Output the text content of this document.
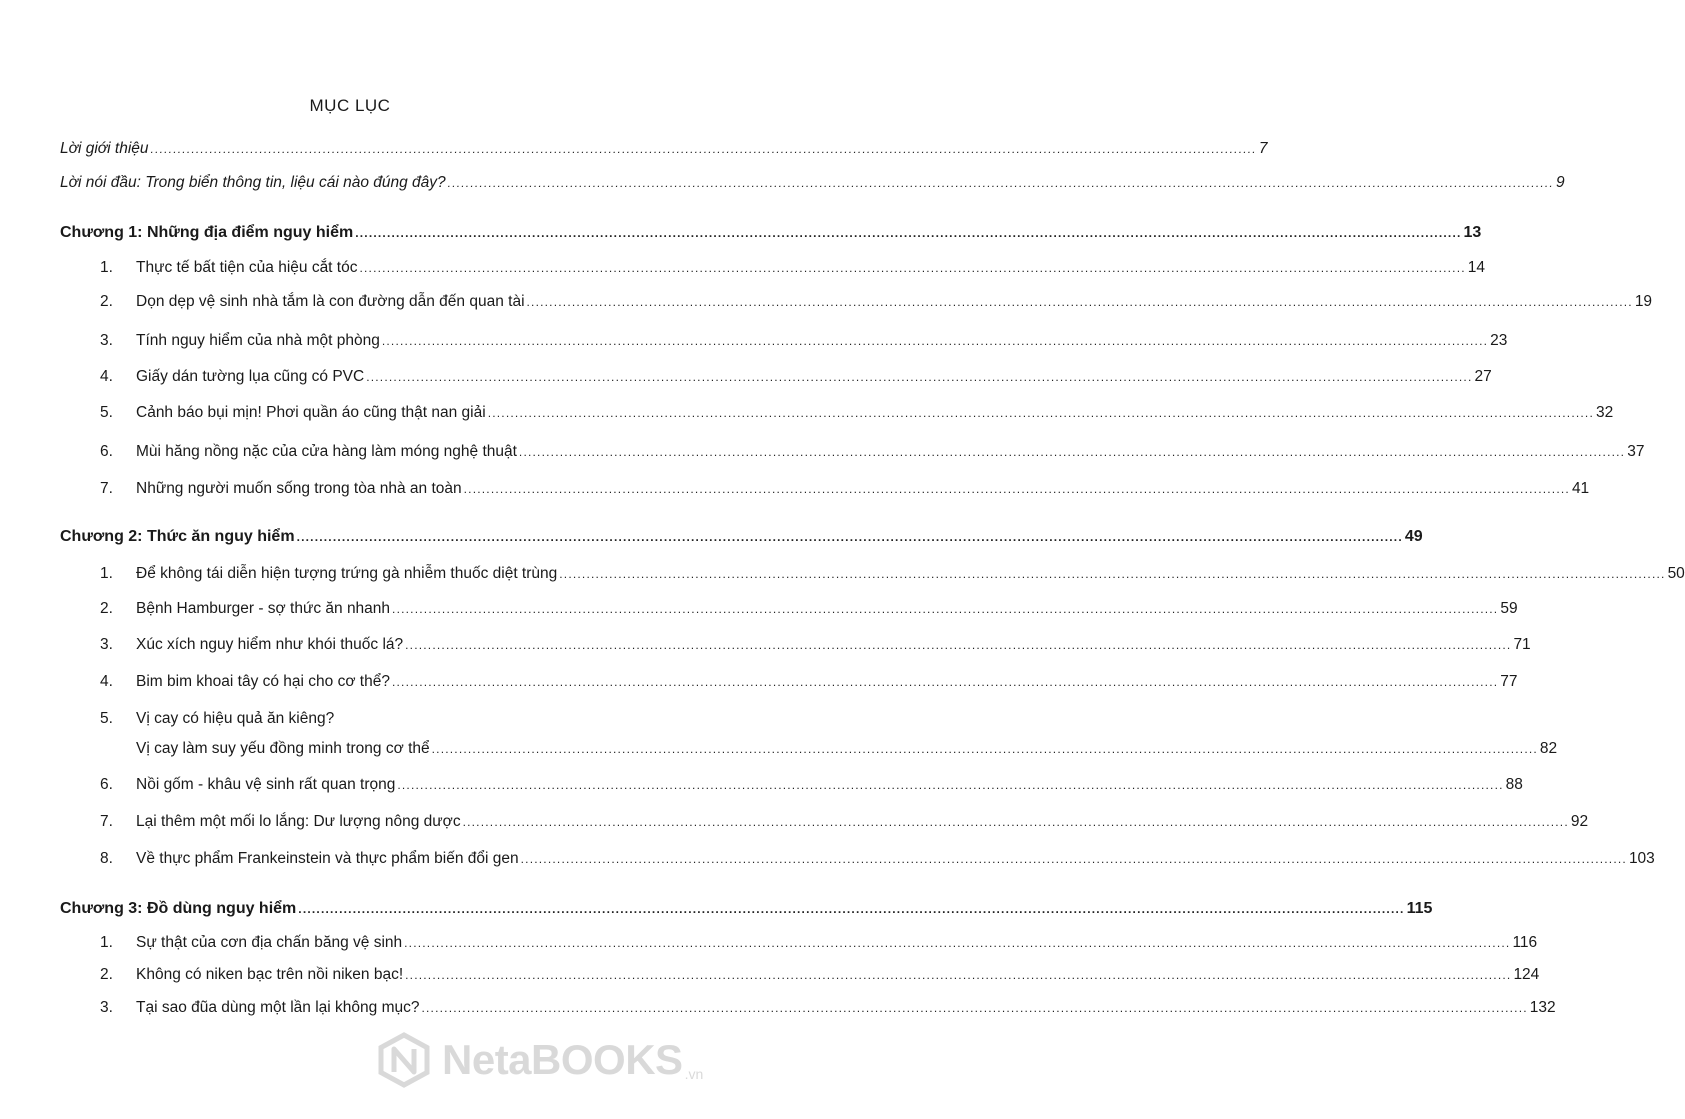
MỤC LỤC
Lời giới thiệu .................................................................................................................................................................................................................................................... 7
Lời nói đầu: Trong biển thông tin, liệu cái nào đúng đây? .................................................................................................................................................................................................................................................... 9
Chương 1: Những địa điểm nguy hiểm .................................................................................................................................................................................................................................................... 13
1.	Thực tế bất tiện của hiệu cắt tóc .................................................................................................................................................................................................................................................... 14
2.	Dọn dẹp vệ sinh nhà tắm là con đường dẫn đến quan tài .................................................................................................................................................................................................................................................... 19
3.	Tính nguy hiểm của nhà một phòng .................................................................................................................................................................................................................................................... 23
4.	Giấy dán tường lụa cũng có PVC .................................................................................................................................................................................................................................................... 27
5.	Cảnh báo bụi mịn! Phơi quần áo cũng thật nan giải .................................................................................................................................................................................................................................................... 32
6.	Mùi hăng nồng nặc của cửa hàng làm móng nghệ thuật .................................................................................................................................................................................................................................................... 37
7.	Những người muốn sống trong tòa nhà an toàn .................................................................................................................................................................................................................................................... 41
Chương 2: Thức ăn nguy hiểm .................................................................................................................................................................................................................................................... 49
1.	Để không tái diễn hiện tượng trứng gà nhiễm thuốc diệt trùng .................................................................................................................................................................................................................................................... 50
2.	Bệnh Hamburger - sợ thức ăn nhanh .................................................................................................................................................................................................................................................... 59
3.	Xúc xích nguy hiểm như khói thuốc lá? .................................................................................................................................................................................................................................................... 71
4.	Bim bim khoai tây có hại cho cơ thể? .................................................................................................................................................................................................................................................... 77
5.	Vị cay có hiệu quả ăn kiêng?
Vị cay làm suy yếu đồng minh trong cơ thể .................................................................................................................................................................................................................................................... 82
6.	Nồi gốm - khâu vệ sinh rất quan trọng .................................................................................................................................................................................................................................................... 88
7.	Lại thêm một mối lo lắng: Dư lượng nông dược .................................................................................................................................................................................................................................................... 92
8.	Về thực phẩm Frankeinstein và thực phẩm biến đổi gen .................................................................................................................................................................................................................................................... 103
Chương 3: Đồ dùng nguy hiểm .................................................................................................................................................................................................................................................... 115
1.	Sự thật của cơn địa chấn băng vệ sinh .................................................................................................................................................................................................................................................... 116
2.	Không có niken bạc trên nồi niken bạc! .................................................................................................................................................................................................................................................... 124
3.	Tại sao đũa dùng một lần lại không mục? .................................................................................................................................................................................................................................................... 132
NetaBOOKS .vn
